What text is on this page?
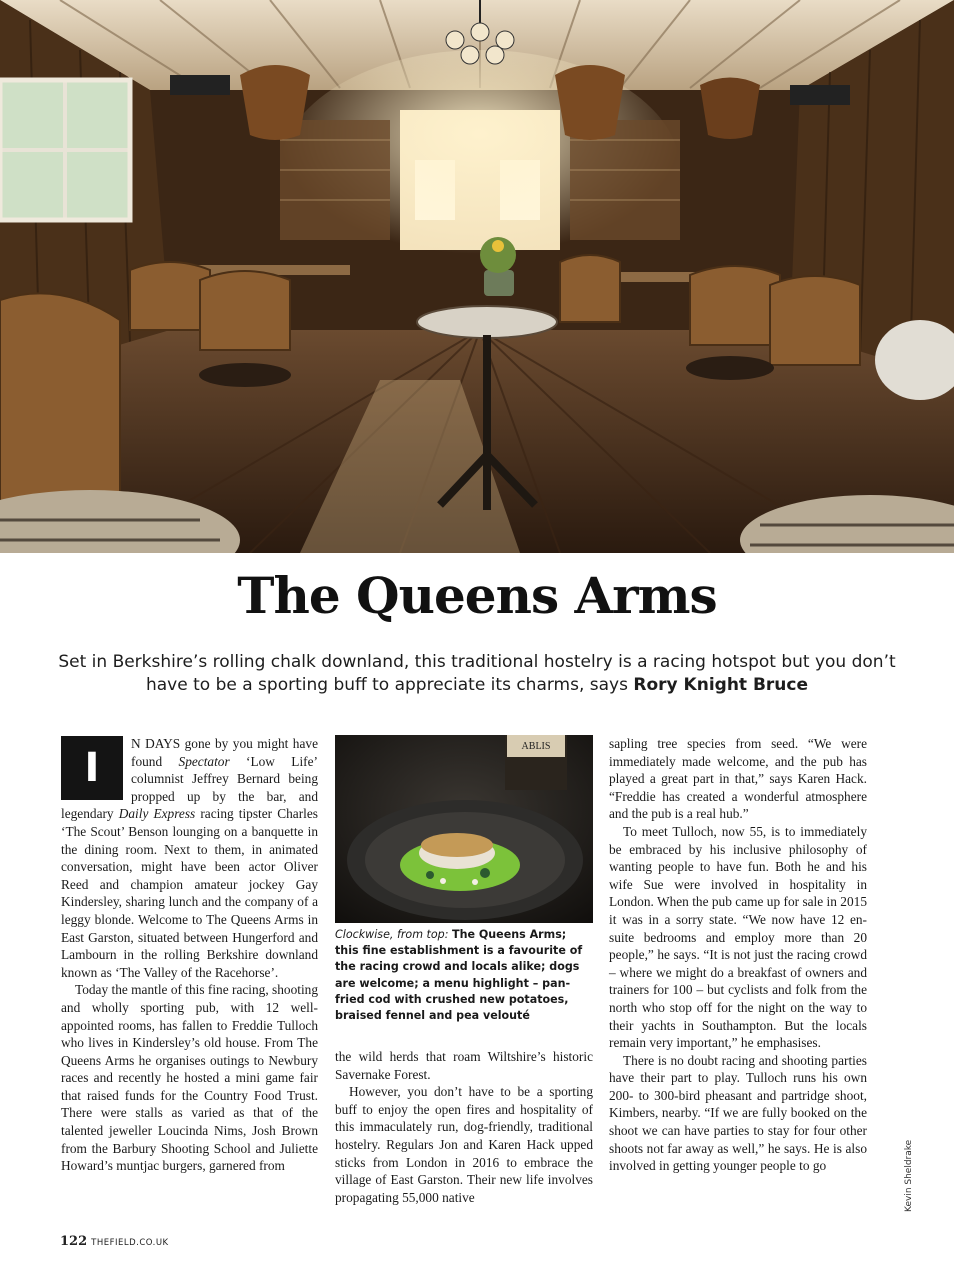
The Queens Arms

Set in Berkshire’s rolling chalk downland, this traditional hostelry is a racing hotspot but you don’t have to be a sporting buff to appreciate its charms, says Rory Knight Bruce

I
N DAYS gone by you might have found Spectator ‘Low Life’ columnist Jeffrey Bernard being propped up by the bar, and legendary Daily Express racing tipster Charles ‘The Scout’ Benson lounging on a banquette in the dining room. Next to them, in animated conversation, might have been actor Oliver Reed and champion amateur jockey Gay Kindersley, sharing lunch and the company of a leggy blonde. Welcome to The Queens Arms in East Garston, situated between Hungerford and Lambourn in the rolling Berkshire downland known as ‘The Valley of the Racehorse’.

Today the mantle of this fine racing, shooting and wholly sporting pub, with 12 well-appointed rooms, has fallen to Freddie Tulloch who lives in Kindersley’s old house. From The Queens Arms he organises outings to Newbury races and recently he hosted a mini game fair that raised funds for the Country Food Trust. There were stalls as varied as that of the talented jeweller Loucinda Nims, Josh Brown from the Barbury Shooting School and Juliette Howard’s muntjac burgers, garnered from

ABLIS
Clockwise, from top: The Queens Arms; this fine establishment is a favourite of the racing crowd and locals alike; dogs are welcome; a menu highlight – pan-fried cod with crushed new potatoes, braised fennel and pea velouté

the wild herds that roam Wiltshire’s historic Savernake Forest.

However, you don’t have to be a sporting buff to enjoy the open fires and hospitality of this immaculately run, dog-friendly, traditional hostelry. Regulars Jon and Karen Hack upped sticks from London in 2016 to embrace the village of East Garston. Their new life involves propagating 55,000 native

sapling tree species from seed. “We were immediately made welcome, and the pub has played a great part in that,” says Karen Hack. “Freddie has created a wonderful atmosphere and the pub is a real hub.”

To meet Tulloch, now 55, is to immediately be embraced by his inclusive philosophy of wanting people to have fun. Both he and his wife Sue were involved in hospitality in London. When the pub came up for sale in 2015 it was in a sorry state. “We now have 12 en-suite bedrooms and employ more than 20 people,” he says. “It is not just the racing crowd – where we might do a breakfast of owners and trainers for 100 – but cyclists and folk from the north who stop off for the night on the way to their yachts in Southampton. But the locals remain very important,” he emphasises.

There is no doubt racing and shooting parties have their part to play. Tulloch runs his own 200- to 300-bird pheasant and partridge shoot, Kimbers, nearby. “If we are fully booked on the shoot we can have parties to stay for four other shoots not far away as well,” he says. He is also involved in getting younger people to go	Kevin Sheldrake
122 THEFIELD.CO.UK
